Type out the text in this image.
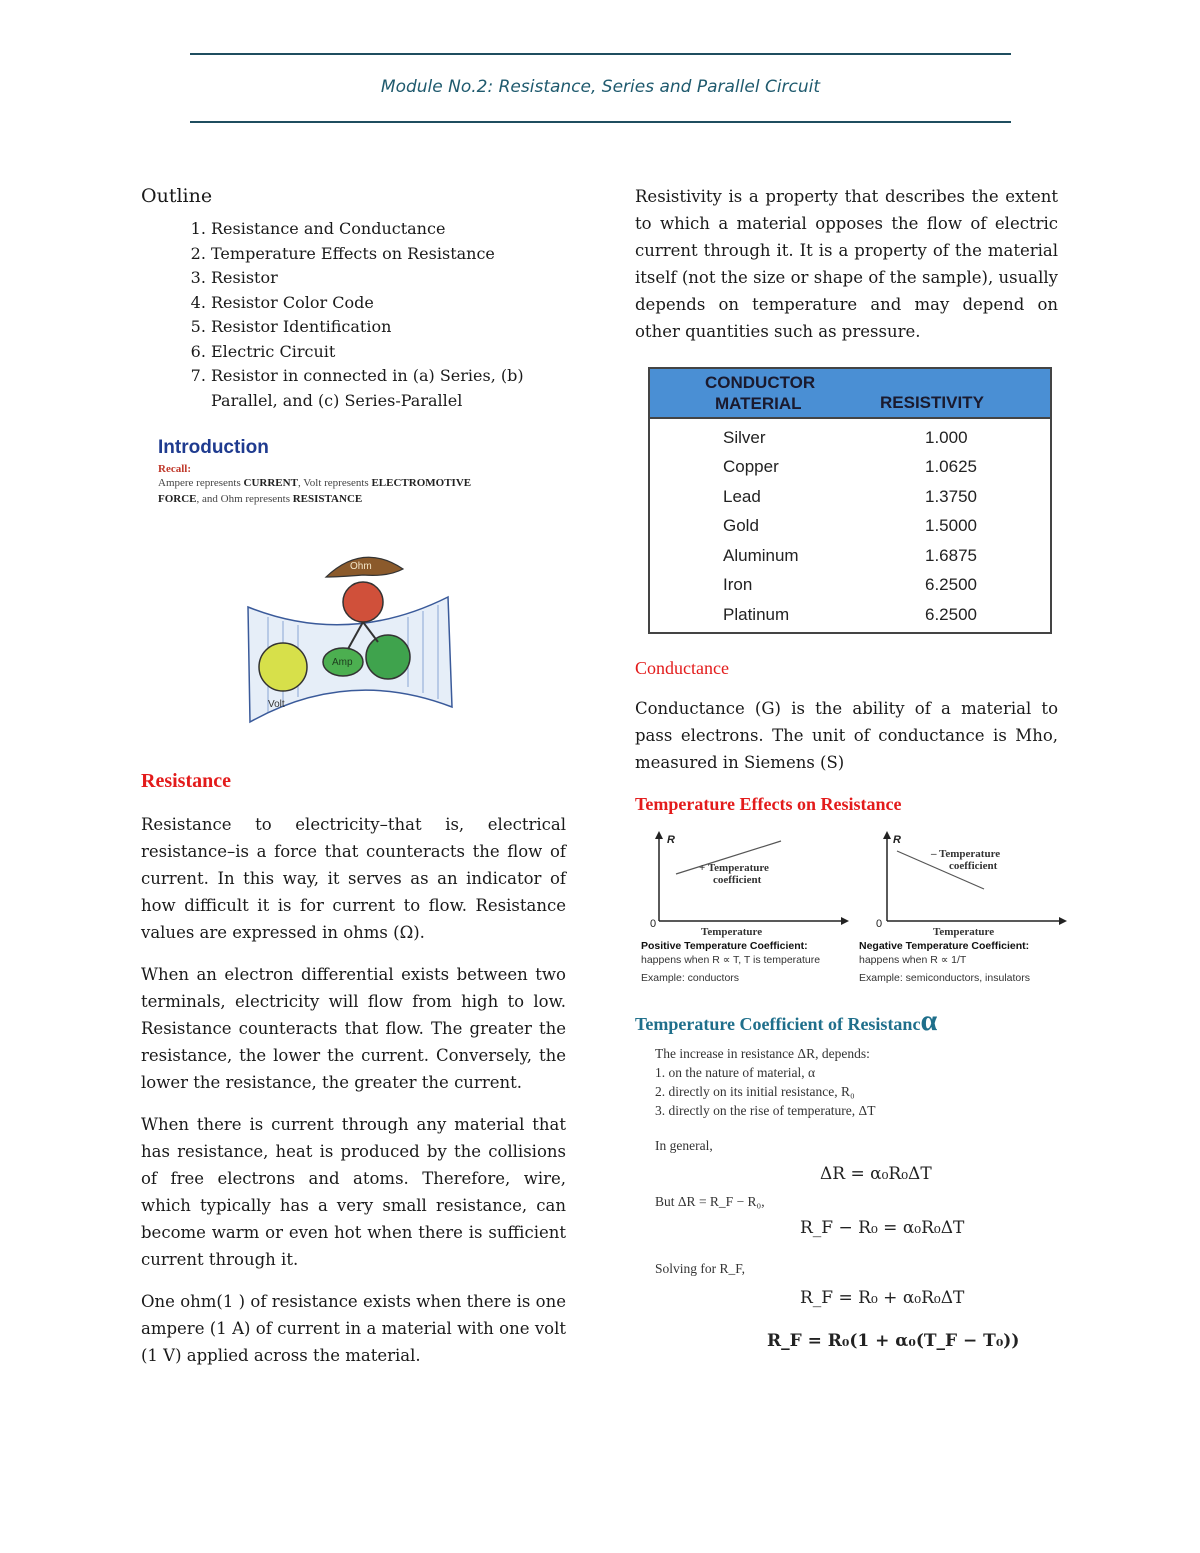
Module No.2: Resistance, Series and Parallel Circuit
Outline
1. Resistance and Conductance
2. Temperature Effects on Resistance
3. Resistor
4. Resistor Color Code
5. Resistor Identification
6. Electric Circuit
7. Resistor in connected in (a) Series, (b) Parallel, and (c) Series-Parallel
Introduction
Recall:
Ampere represents CURRENT, Volt represents ELECTROMOTIVE
FORCE, and Ohm represents RESISTANCE
Volt
Amp
Ohm
Resistance

Resistance to electricity–that is, electrical resistance–is a force that counteracts the flow of current. In this way, it serves as an indicator of how difficult it is for current to flow. Resistance values are expressed in ohms (Ω).

When an electron differential exists between two terminals, electricity will flow from high to low. Resistance counteracts that flow. The greater the resistance, the lower the current. Conversely, the lower the resistance, the greater the current.

When there is current through any material that has resistance, heat is produced by the collisions of free electrons and atoms. Therefore, wire, which typically has a very small resistance, can become warm or even hot when there is sufficient current through it.

One ohm(1 ) of resistance exists when there is one ampere (1 A) of current in a material with one volt (1 V) applied across the material.

Resistivity is a property that describes the extent to which a material opposes the flow of electric current through it. It is a property of the material itself (not the size or shape of the sample), usually depends on temperature and may depend on other quantities such as pressure.

CONDUCTOR
MATERIAL	RESISTIVITY
Silver	1.000
Copper	1.0625
Lead	1.3750
Gold	1.5000
Aluminum	1.6875
Iron	6.2500
Platinum	6.2500
Conductance

Conductance (G) is the ability of a material to pass electrons. The unit of conductance is Mho, measured in Siemens (S)

Temperature Effects on Resistance
R
0
+ Temperature
coefficient
Temperature
R
0
– Temperature
coefficient
Temperature
Positive Temperature Coefficient:
happens when R ∝ T, T is temperature
Example: conductors
Negative Temperature Coefficient:
happens when R ∝ 1/T
Example: semiconductors, insulators
Temperature Coefficient of Resistancα
The increase in resistance ΔR, depends:
1. on the nature of material, α
2. directly on its initial resistance, R₀
3. directly on the rise of temperature, ΔT
In general,
ΔR = α₀R₀ΔT
But ΔR = R_F − R₀,
R_F − R₀ = α₀R₀ΔT
Solving for R_F,
R_F = R₀ + α₀R₀ΔT
R_F = R₀(1 + α₀(T_F − T₀))
